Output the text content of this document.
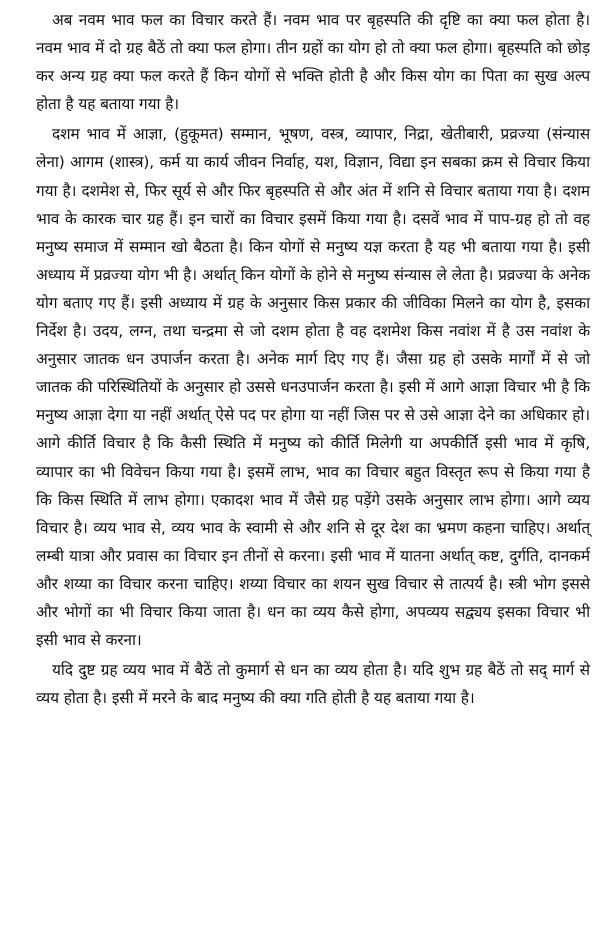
अब नवम भाव फल का विचार करते हैं। नवम भाव पर बृहस्पति की दृष्टि का क्या फल होता है। नवम भाव में दो ग्रह बैठें तो क्या फल होगा। तीन ग्रहों का योग हो तो क्या फल होगा। बृहस्पति को छोड़ कर अन्य ग्रह क्या फल करते हैं किन योगों से भक्ति होती है और किस योग का पिता का सुख अल्प होता है यह बताया गया है।

दशम भाव में आज्ञा, (हुकूमत) सम्मान, भूषण, वस्त्र, व्यापार, निद्रा, खेतीबारी, प्रव्रज्या (संन्यास लेना) आगम (शास्त्र), कर्म या कार्य जीवन निर्वाह, यश, विज्ञान, विद्या इन सबका क्रम से विचार किया गया है। दशमेश से, फिर सूर्य से और फिर बृहस्पति से और अंत में शनि से विचार बताया गया है। दशम भाव के कारक चार ग्रह हैं। इन चारों का विचार इसमें किया गया है। दसवें भाव में पाप-ग्रह हो तो वह मनुष्य समाज में सम्मान खो बैठता है। किन योगों से मनुष्य यज्ञ करता है यह भी बताया गया है। इसी अध्याय में प्रव्रज्या योग भी है। अर्थात् किन योगों के होने से मनुष्य संन्यास ले लेता है। प्रव्रज्या के अनेक योग बताए गए हैं। इसी अध्याय में ग्रह के अनुसार किस प्रकार की जीविका मिलने का योग है, इसका निर्देश है। उदय, लग्न, तथा चन्द्रमा से जो दशम होता है वह दशमेश किस नवांश में है उस नवांश के अनुसार जातक धन उपार्जन करता है। अनेक मार्ग दिए गए हैं। जैसा ग्रह हो उसके मार्गों में से जो जातक की परिस्थितियों के अनुसार हो उससे धनउपार्जन करता है। इसी में आगे आज्ञा विचार भी है कि मनुष्य आज्ञा देगा या नहीं अर्थात् ऐसे पद पर होगा या नहीं जिस पर से उसे आज्ञा देने का अधिकार हो। आगे कीर्ति विचार है कि कैसी स्थिति में मनुष्य को कीर्ति मिलेगी या अपकीर्ति इसी भाव में कृषि, व्यापार का भी विवेचन किया गया है। इसमें लाभ, भाव का विचार बहुत विस्तृत रूप से किया गया है कि किस स्थिति में लाभ होगा। एकादश भाव में जैसे ग्रह पड़ेंगे उसके अनुसार लाभ होगा। आगे व्यय विचार है। व्यय भाव से, व्यय भाव के स्वामी से और शनि से दूर देश का भ्रमण कहना चाहिए। अर्थात् लम्बी यात्रा और प्रवास का विचार इन तीनों से करना। इसी भाव में यातना अर्थात् कष्ट, दुर्गति, दानकर्म और शय्या का विचार करना चाहिए। शय्या विचार का शयन सुख विचार से तात्पर्य है। स्त्री भोग इससे और भोगों का भी विचार किया जाता है। धन का व्यय कैसे होगा, अपव्यय सद्व्यय इसका विचार भी इसी भाव से करना।

यदि दुष्ट ग्रह व्यय भाव में बैठें तो कुमार्ग से धन का व्यय होता है। यदि शुभ ग्रह बैठें तो सद् मार्ग से व्यय होता है। इसी में मरने के बाद मनुष्य की क्या गति होती है यह बताया गया है।
